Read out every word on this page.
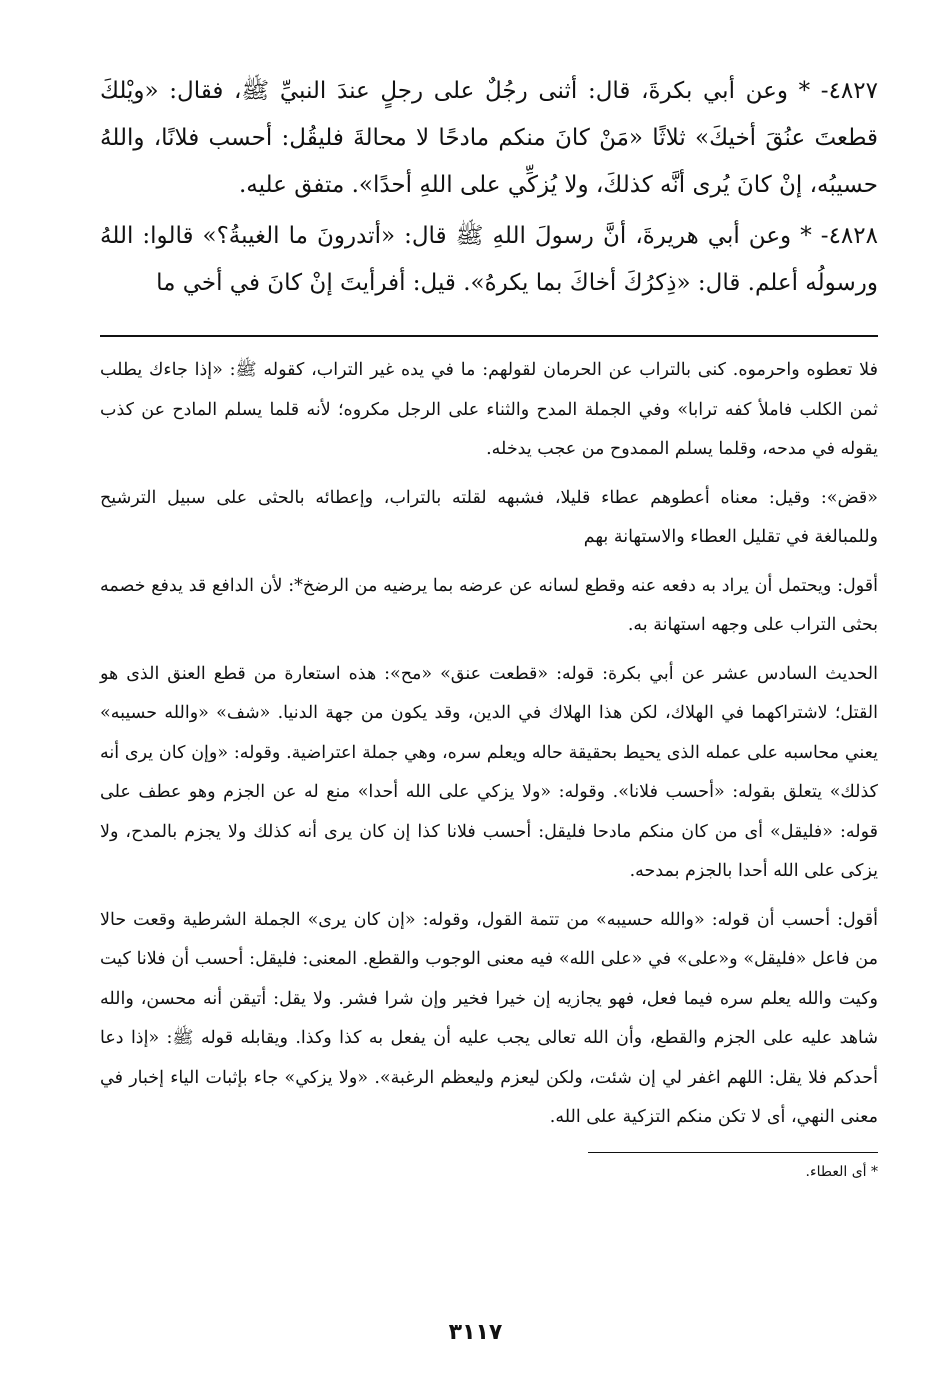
٤٨٢٧- * وعن أبي بكرةَ، قال: أثنى رجُلٌ على رجلٍ عندَ النبيِّ ﷺ، فقال: «ويْلكَ قطعتَ عنُقَ أخيكَ» ثلاثًا «مَنْ كانَ منكم مادحًا لا محالةَ فليقُل: أحسب فلانًا، واللهُ حسيبُه، إنْ كانَ يُرى أنَّه كذلكَ، ولا يُزكِّي على اللهِ أحدًا». متفق عليه.

٤٨٢٨- * وعن أبي هريرةَ، أنَّ رسولَ اللهِ ﷺ قال: «أتدرونَ ما الغيبةُ؟» قالوا: اللهُ ورسولُه أعلم. قال: «ذِكرُكَ أخاكَ بما يكرهُ». قيل: أفرأيتَ إنْ كانَ في أخي ما

فلا تعطوه واحرموه. كنى بالتراب عن الحرمان لقولهم: ما في يده غير التراب، كقوله ﷺ: «إذا جاءك يطلب ثمن الكلب فاملأ كفه ترابا» وفي الجملة المدح والثناء على الرجل مكروه؛ لأنه قلما يسلم المادح عن كذب يقوله في مدحه، وقلما يسلم الممدوح من عجب يدخله.

«قض»: وقيل: معناه أعطوهم عطاء قليلا، فشبهه لقلته بالتراب، وإعطائه بالحثى على سبيل الترشيح وللمبالغة في تقليل العطاء والاستهانة بهم

أقول: ويحتمل أن يراد به دفعه عنه وقطع لسانه عن عرضه بما يرضيه من الرضخ*: لأن الدافع قد يدفع خصمه بحثى التراب على وجهه استهانة به.

الحديث السادس عشر عن أبي بكرة: قوله: «قطعت عنق» «مح»: هذه استعارة من قطع العنق الذى هو القتل؛ لاشتراكهما في الهلاك، لكن هذا الهلاك في الدين، وقد يكون من جهة الدنيا. «شف» «والله حسيبه» يعني محاسبه على عمله الذى يحيط بحقيقة حاله ويعلم سره، وهي جملة اعتراضية. وقوله: «وإن كان يرى أنه كذلك» يتعلق بقوله: «أحسب فلانا». وقوله: «ولا يزكي على الله أحدا» منع له عن الجزم وهو عطف على قوله: «فليقل» أى من كان منكم مادحا فليقل: أحسب فلانا كذا إن كان يرى أنه كذلك ولا يجزم بالمدح، ولا يزكى على الله أحدا بالجزم بمدحه.

أقول: أحسب أن قوله: «والله حسيبه» من تتمة القول، وقوله: «إن كان يرى» الجملة الشرطية وقعت حالا من فاعل «فليقل» و«على» في «على الله» فيه معنى الوجوب والقطع. المعنى: فليقل: أحسب أن فلانا كيت وكيت والله يعلم سره فيما فعل، فهو يجازيه إن خيرا فخير وإن شرا فشر. ولا يقل: أتيقن أنه محسن، والله شاهد عليه على الجزم والقطع، وأن الله تعالى يجب عليه أن يفعل به كذا وكذا. ويقابله قوله ﷺ: «إذا دعا أحدكم فلا يقل: اللهم اغفر لي إن شئت، ولكن ليعزم وليعظم الرغبة». «ولا يزكي» جاء بإثبات الياء إخبار في معنى النهي، أى لا تكن منكم التزكية على الله.

* أى العطاء.
٣١١٧
